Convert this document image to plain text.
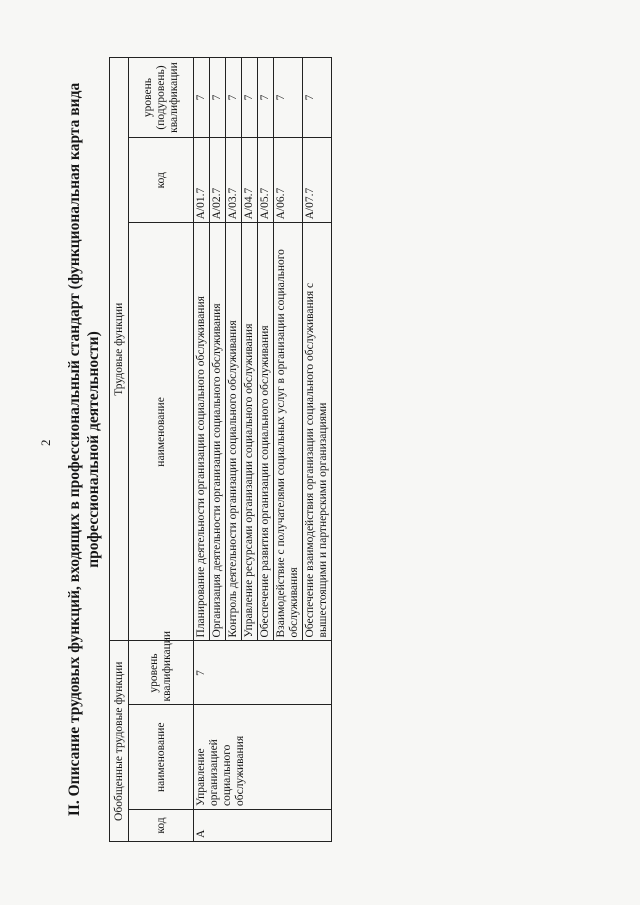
2 II. Описание трудовых функций, входящих в профессиональный стандарт (функциональная карта вида профессиональной деятельности)
Обобщенные трудовые функции			Трудовые функции		
код	наименование	уровень квалификации	наименование	код	уровень (подуровень) квалификации
A	Управление организацией социального обслуживания	7	Планирование деятельности организации социального обслуживания	A/01.7	7
			Организация деятельности организации социального обслуживания	A/02.7	7
			Контроль деятельности организации социального обслуживания	A/03.7	7
			Управление ресурсами организации социального обслуживания	A/04.7	7
			Обеспечение развития организации социального обслуживания	A/05.7	7
			Взаимодействие с получателями социальных услуг в организации социального обслуживания	A/06.7	7
			Обеспечение взаимодействия организации социального обслуживания с вышестоящими и партнерскими организациями	A/07.7	7
